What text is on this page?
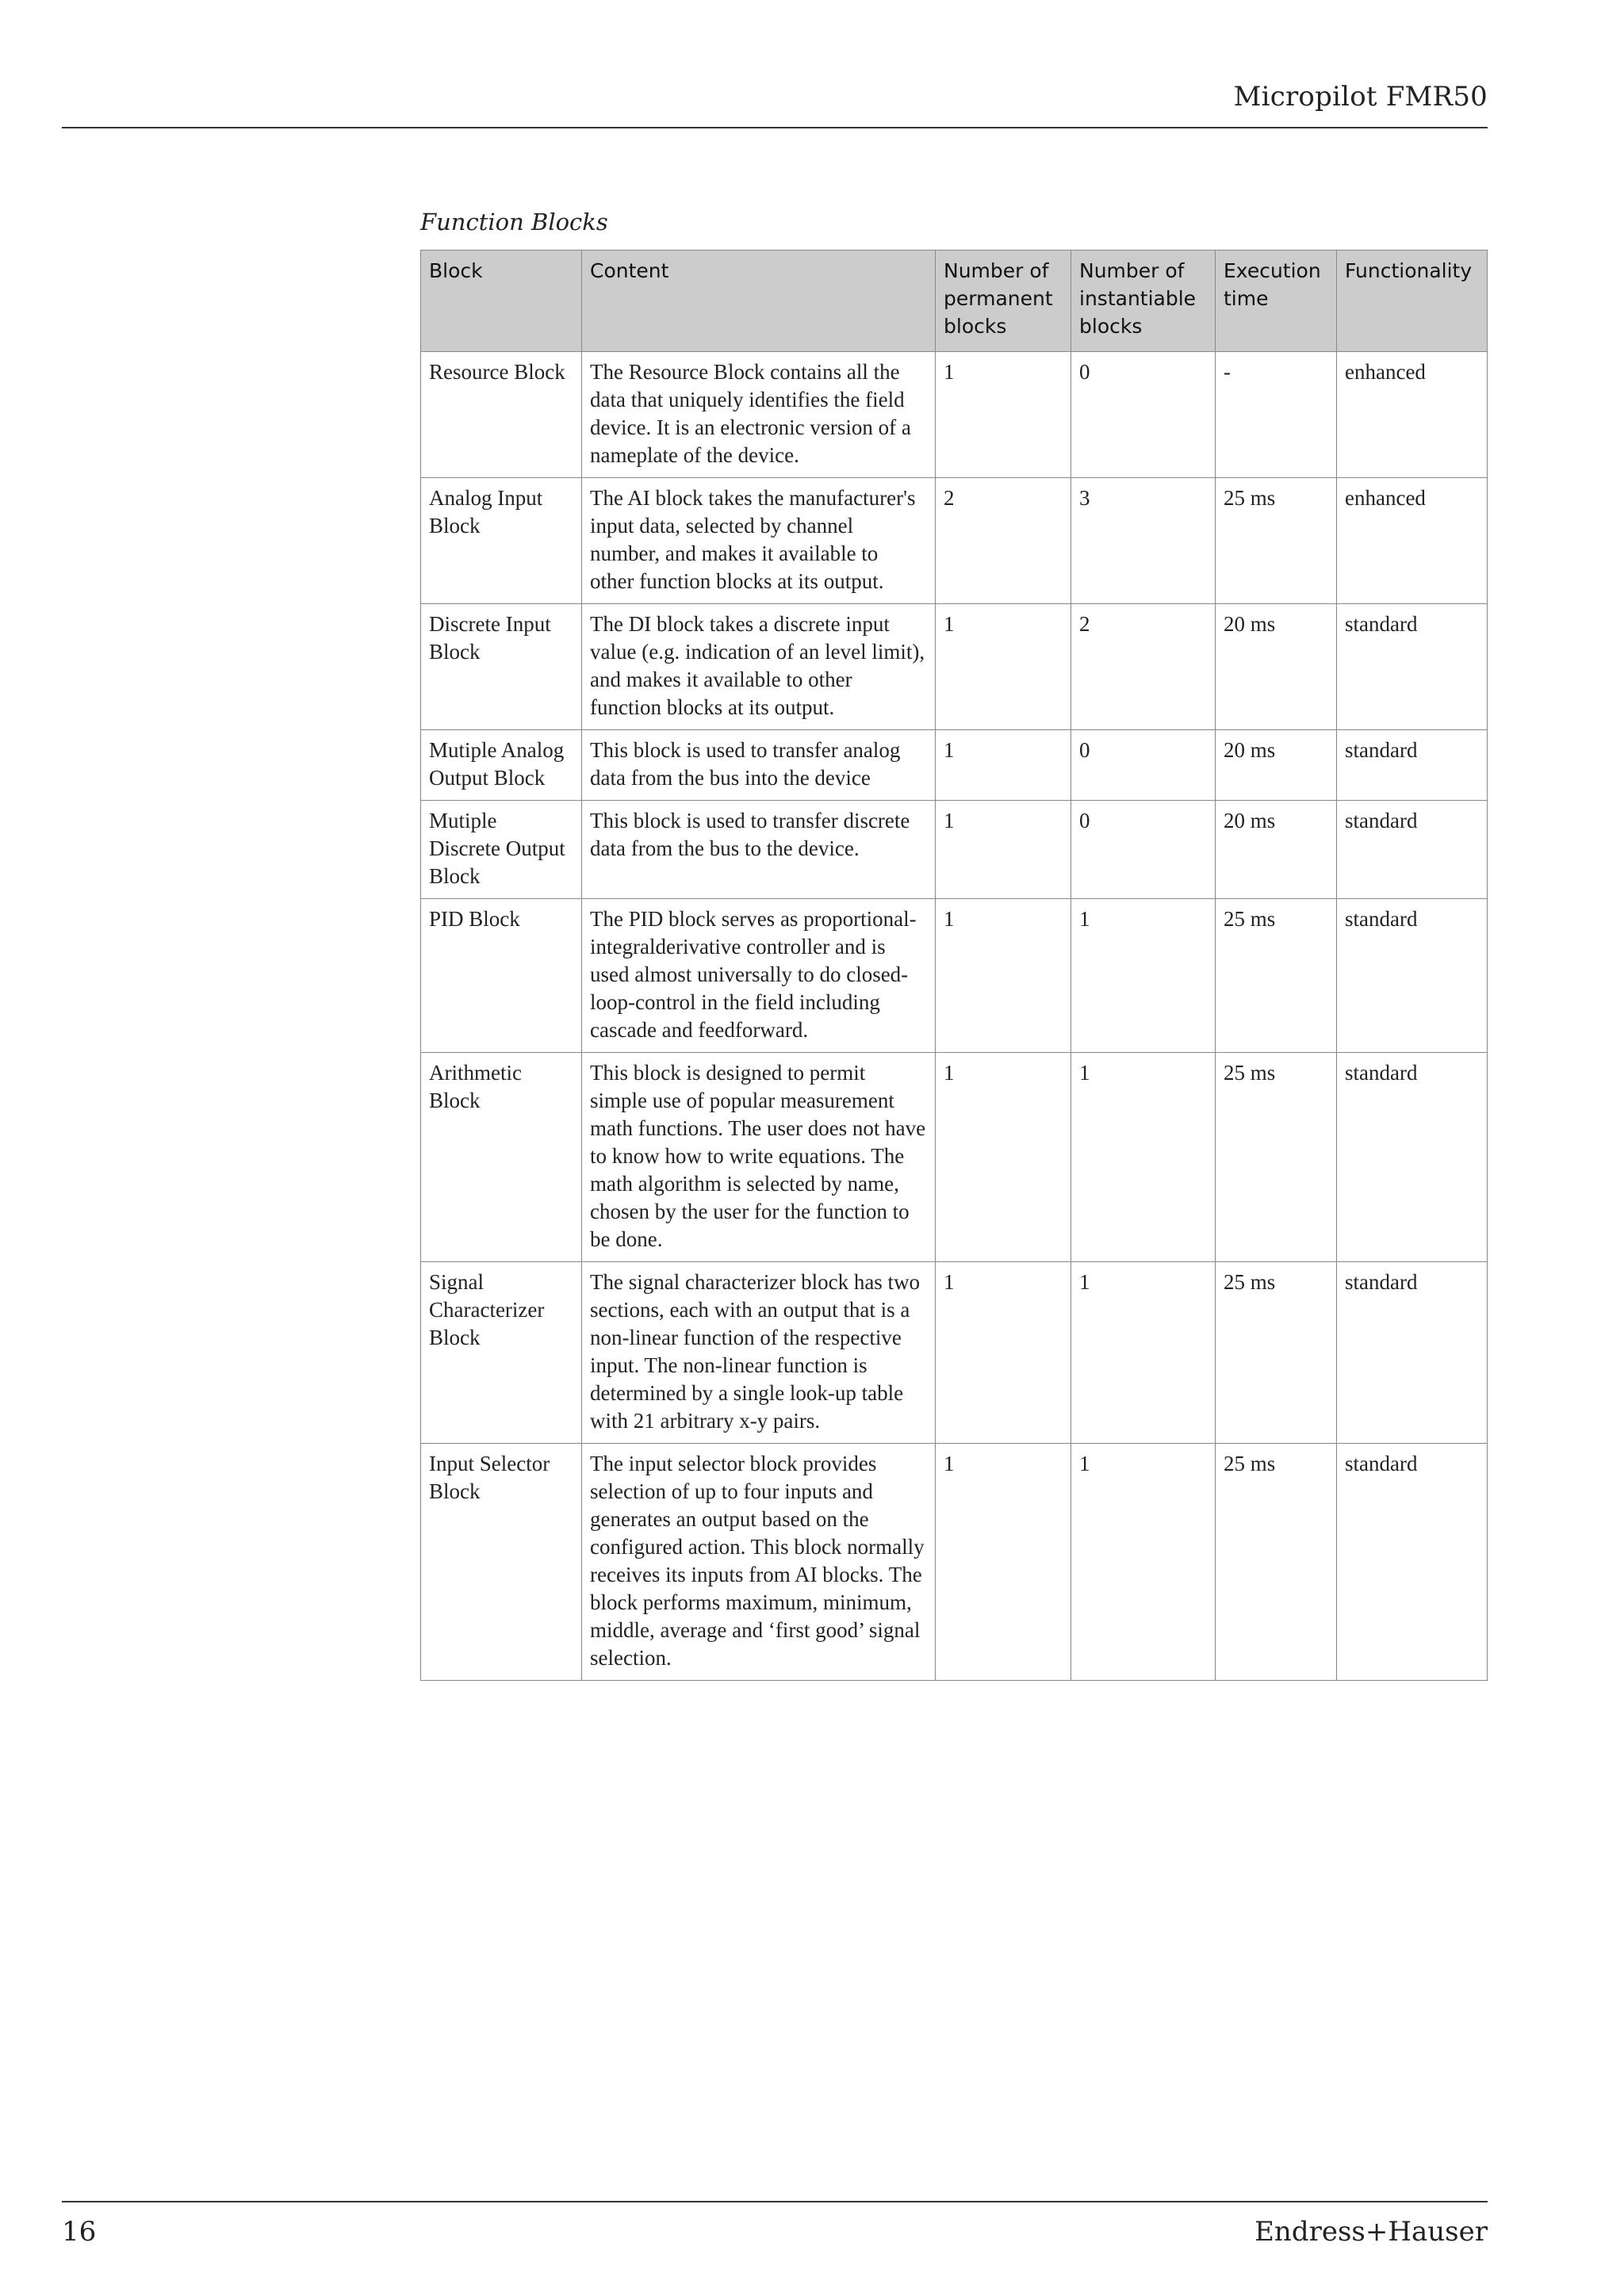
Micropilot FMR50
Function Blocks
Block	Content	Number of permanent blocks	Number of instantiable blocks	Execution time	Functionality
Resource Block	The Resource Block contains all the data that uniquely identifies the field device. It is an electronic version of a nameplate of the device.	1	0	-	enhanced
Analog Input Block	The AI block takes the manufacturer's input data, selected by channel number, and makes it available to other function blocks at its output.	2	3	25 ms	enhanced
Discrete Input Block	The DI block takes a discrete input value (e.g. indication of an level limit), and makes it available to other function blocks at its output.	1	2	20 ms	standard
Mutiple Analog Output Block	This block is used to transfer analog data from the bus into the device	1	0	20 ms	standard
Mutiple Discrete Output Block	This block is used to transfer discrete data from the bus to the device.	1	0	20 ms	standard
PID Block	The PID block serves as proportional-integralderivative controller and is used almost universally to do closed-loop-control in the field including cascade and feedforward.	1	1	25 ms	standard
Arithmetic Block	This block is designed to permit simple use of popular measurement math functions. The user does not have to know how to write equations. The math algorithm is selected by name, chosen by the user for the function to be done.	1	1	25 ms	standard
Signal Characterizer Block	The signal characterizer block has two sections, each with an output that is a non-linear function of the respective input. The non-linear function is determined by a single look-up table with 21 arbitrary x-y pairs.	1	1	25 ms	standard
Input Selector Block	The input selector block provides selection of up to four inputs and generates an output based on the configured action. This block normally receives its inputs from AI blocks. The block performs maximum, minimum, middle, average and ‘first good’ signal selection.	1	1	25 ms	standard
16	Endress+Hauser
